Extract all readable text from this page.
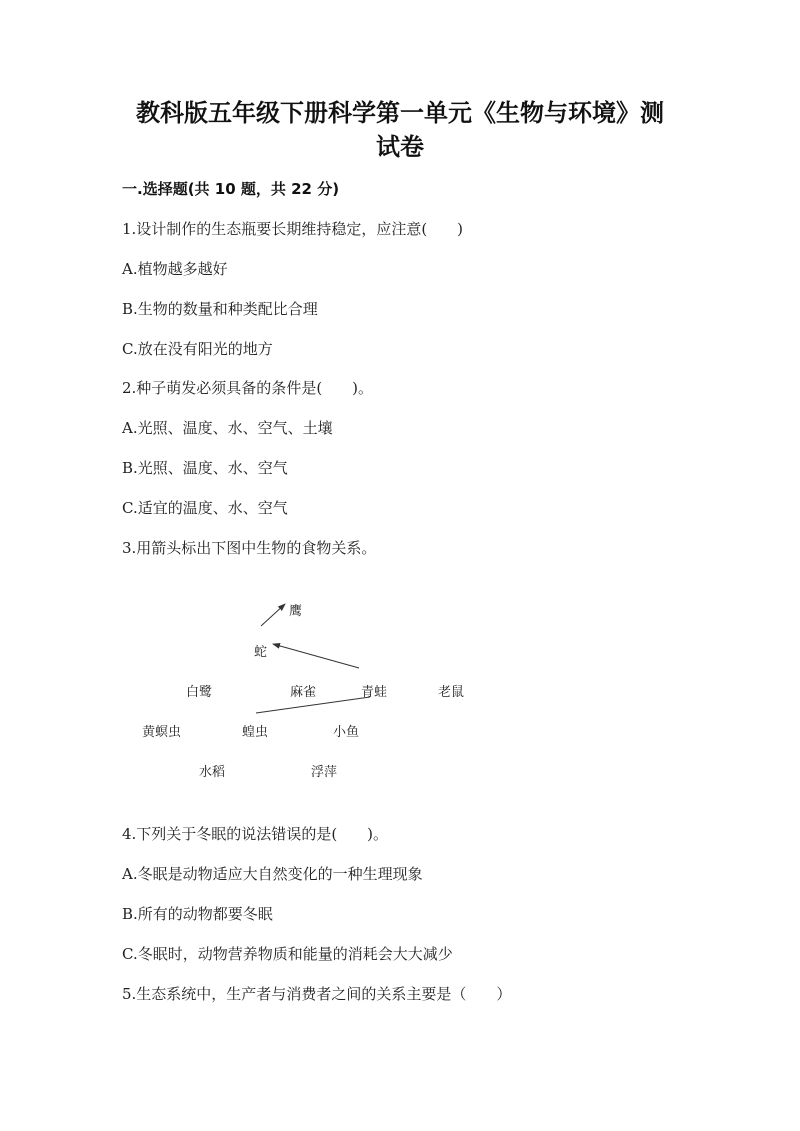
教科版五年级下册科学第一单元《生物与环境》测
试卷
一.选择题(共 10 题，共 22 分)
1.设计制作的生态瓶要长期维持稳定，应注意(　　)
A.植物越多越好
B.生物的数量和种类配比合理
C.放在没有阳光的地方
2.种子萌发必须具备的条件是(　　)。
A.光照、温度、水、空气、土壤
B.光照、温度、水、空气
C.适宜的温度、水、空气
3.用箭头标出下图中生物的食物关系。
鹰
蛇
白鹭	麻雀	青蛙	老鼠
黄螟虫	蝗虫	小鱼
水稻	浮萍
4.下列关于冬眠的说法错误的是(　　)。
A.冬眠是动物适应大自然变化的一种生理现象
B.所有的动物都要冬眠
C.冬眠时，动物营养物质和能量的消耗会大大减少
5.生态系统中，生产者与消费者之间的关系主要是（　　）
